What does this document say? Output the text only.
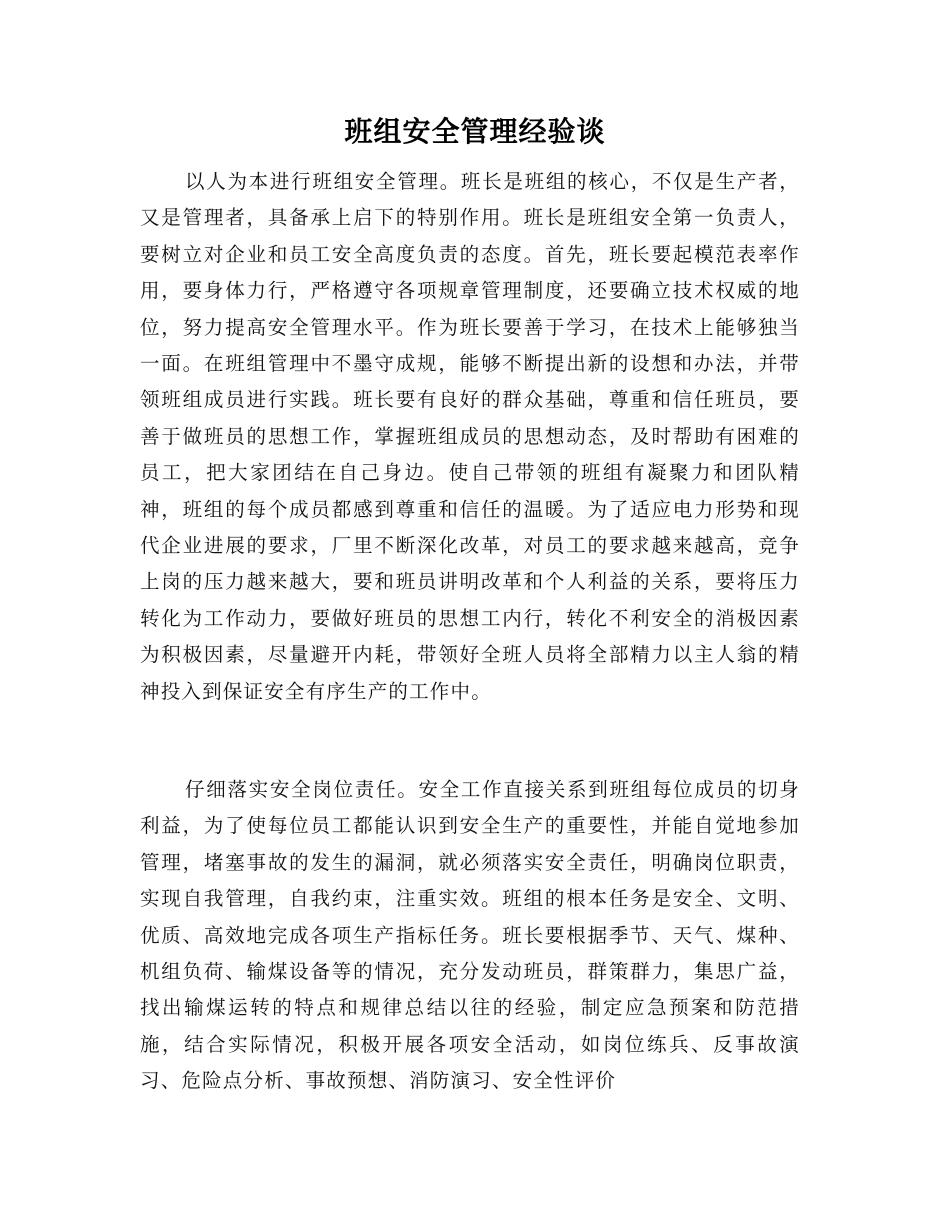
班组安全管理经验谈

以人为本进行班组安全管理。班长是班组的核心，不仅是生产者，又是管理者，具备承上启下的特别作用。班长是班组安全第一负责人，要树立对企业和员工安全高度负责的态度。首先，班长要起模范表率作用，要身体力行，严格遵守各项规章管理制度，还要确立技术权威的地位，努力提高安全管理水平。作为班长要善于学习，在技术上能够独当一面。在班组管理中不墨守成规，能够不断提出新的设想和办法，并带领班组成员进行实践。班长要有良好的群众基础，尊重和信任班员，要善于做班员的思想工作，掌握班组成员的思想动态，及时帮助有困难的员工，把大家团结在自己身边。使自己带领的班组有凝聚力和团队精神，班组的每个成员都感到尊重和信任的温暖。为了适应电力形势和现代企业进展的要求，厂里不断深化改革，对员工的要求越来越高，竞争上岗的压力越来越大，要和班员讲明改革和个人利益的关系，要将压力转化为工作动力，要做好班员的思想工内行，转化不利安全的消极因素为积极因素，尽量避开内耗，带领好全班人员将全部精力以主人翁的精神投入到保证安全有序生产的工作中。

仔细落实安全岗位责任。安全工作直接关系到班组每位成员的切身利益，为了使每位员工都能认识到安全生产的重要性，并能自觉地参加管理，堵塞事故的发生的漏洞，就必须落实安全责任，明确岗位职责，实现自我管理，自我约束，注重实效。班组的根本任务是安全、文明、优质、高效地完成各项生产指标任务。班长要根据季节、天气、煤种、机组负荷、输煤设备等的情况，充分发动班员，群策群力，集思广益，找出输煤运转的特点和规律总结以往的经验，制定应急预案和防范措施，结合实际情况，积极开展各项安全活动，如岗位练兵、反事故演习、危险点分析、事故预想、消防演习、安全性评价
